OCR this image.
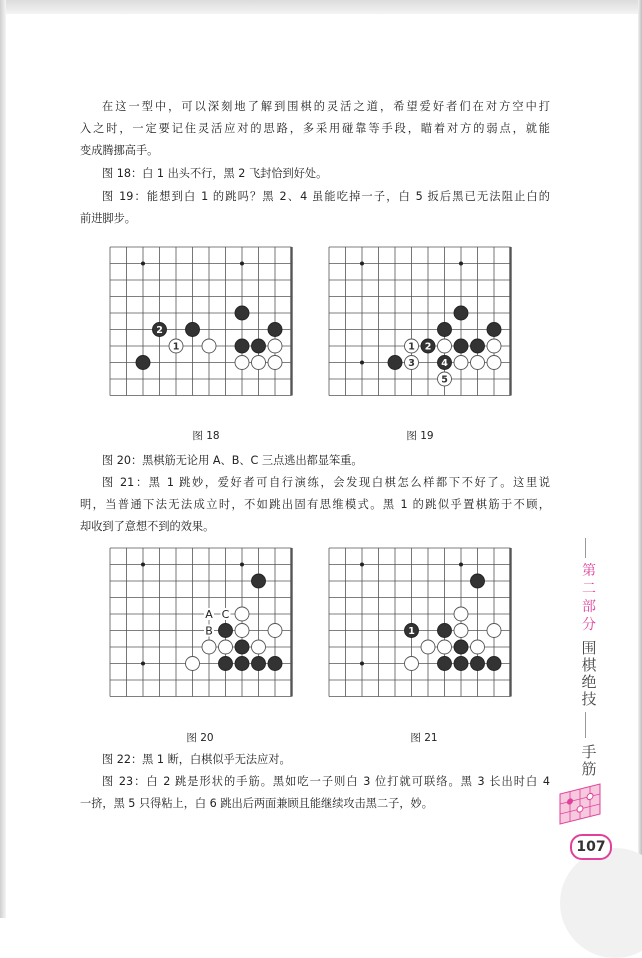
在这一型中，可以深刻地了解到围棋的灵活之道，希望爱好者们在对方空中打
入之时，一定要记住灵活应对的思路，多采用碰靠等手段，瞄着对方的弱点，就能
变成腾挪高手。
图 18：白 1 出头不行，黑 2 飞封恰到好处。
图 19：能想到白 1 的跳吗？黑 2、4 虽能吃掉一子，白 5 扳后黑已无法阻止白的
前进脚步。
图 20：黑棋筋无论用 A、B、C 三点逃出都显笨重。
图 21：黑 1 跳妙，爱好者可自行演练，会发现白棋怎么样都下不好了。这里说
明，当普通下法无法成立时，不如跳出固有思维模式。黑 1 的跳似乎置棋筋于不顾，
却收到了意想不到的效果。
图 22：黑 1 断，白棋似乎无法应对。
图 23：白 2 跳是形状的手筋。黑如吃一子则白 3 位打就可联络。黑 3 长出时白 4
一挤，黑 5 只得粘上，白 6 跳出后两面兼顾且能继续攻击黑二子，妙。
2
1
图 18
1 2
3	4
5
图 19
A C
B
图 20
1
图 21
第
二
部
分
围
棋
绝
技
手
筋
107
